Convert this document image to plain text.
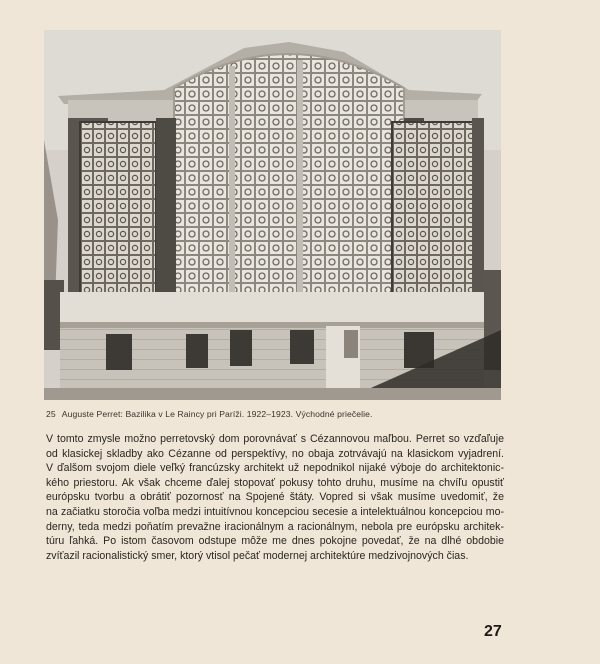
25 Auguste Perret: Bazilika v Le Raincy pri Paríži. 1922–1923. Východné priečelie.
V tomto zmysle možno perretovský dom porovnávať s Cézannovou maľbou. Perret so vzďaľuje
od klasickej skladby ako Cézanne od perspektívy, no obaja zotrvávajú na klasickom vyjadrení.
V ďalšom svojom diele veľký francúzsky architekt už nepodnikol nijaké výboje do architektonic-
kého priestoru. Ak však chceme ďalej stopovať pokusy tohto druhu, musíme na chvíľu opustiť
európsku tvorbu a obrátiť pozornosť na Spojené štáty. Vopred si však musíme uvedomiť, že
na začiatku storočia voľba medzi intuitívnou koncepciou secesie a intelektuálnou koncepciou mo-
derny, teda medzi poňatím prevažne iracionálnym a racionálnym, nebola pre európsku architek-
túru ľahká. Po istom časovom odstupe môže me dnes pokojne povedať, že na dlhé obdobie
zvíťazil racionalistický smer, ktorý vtisol pečať modernej architektúre medzivojnových čias.
27
